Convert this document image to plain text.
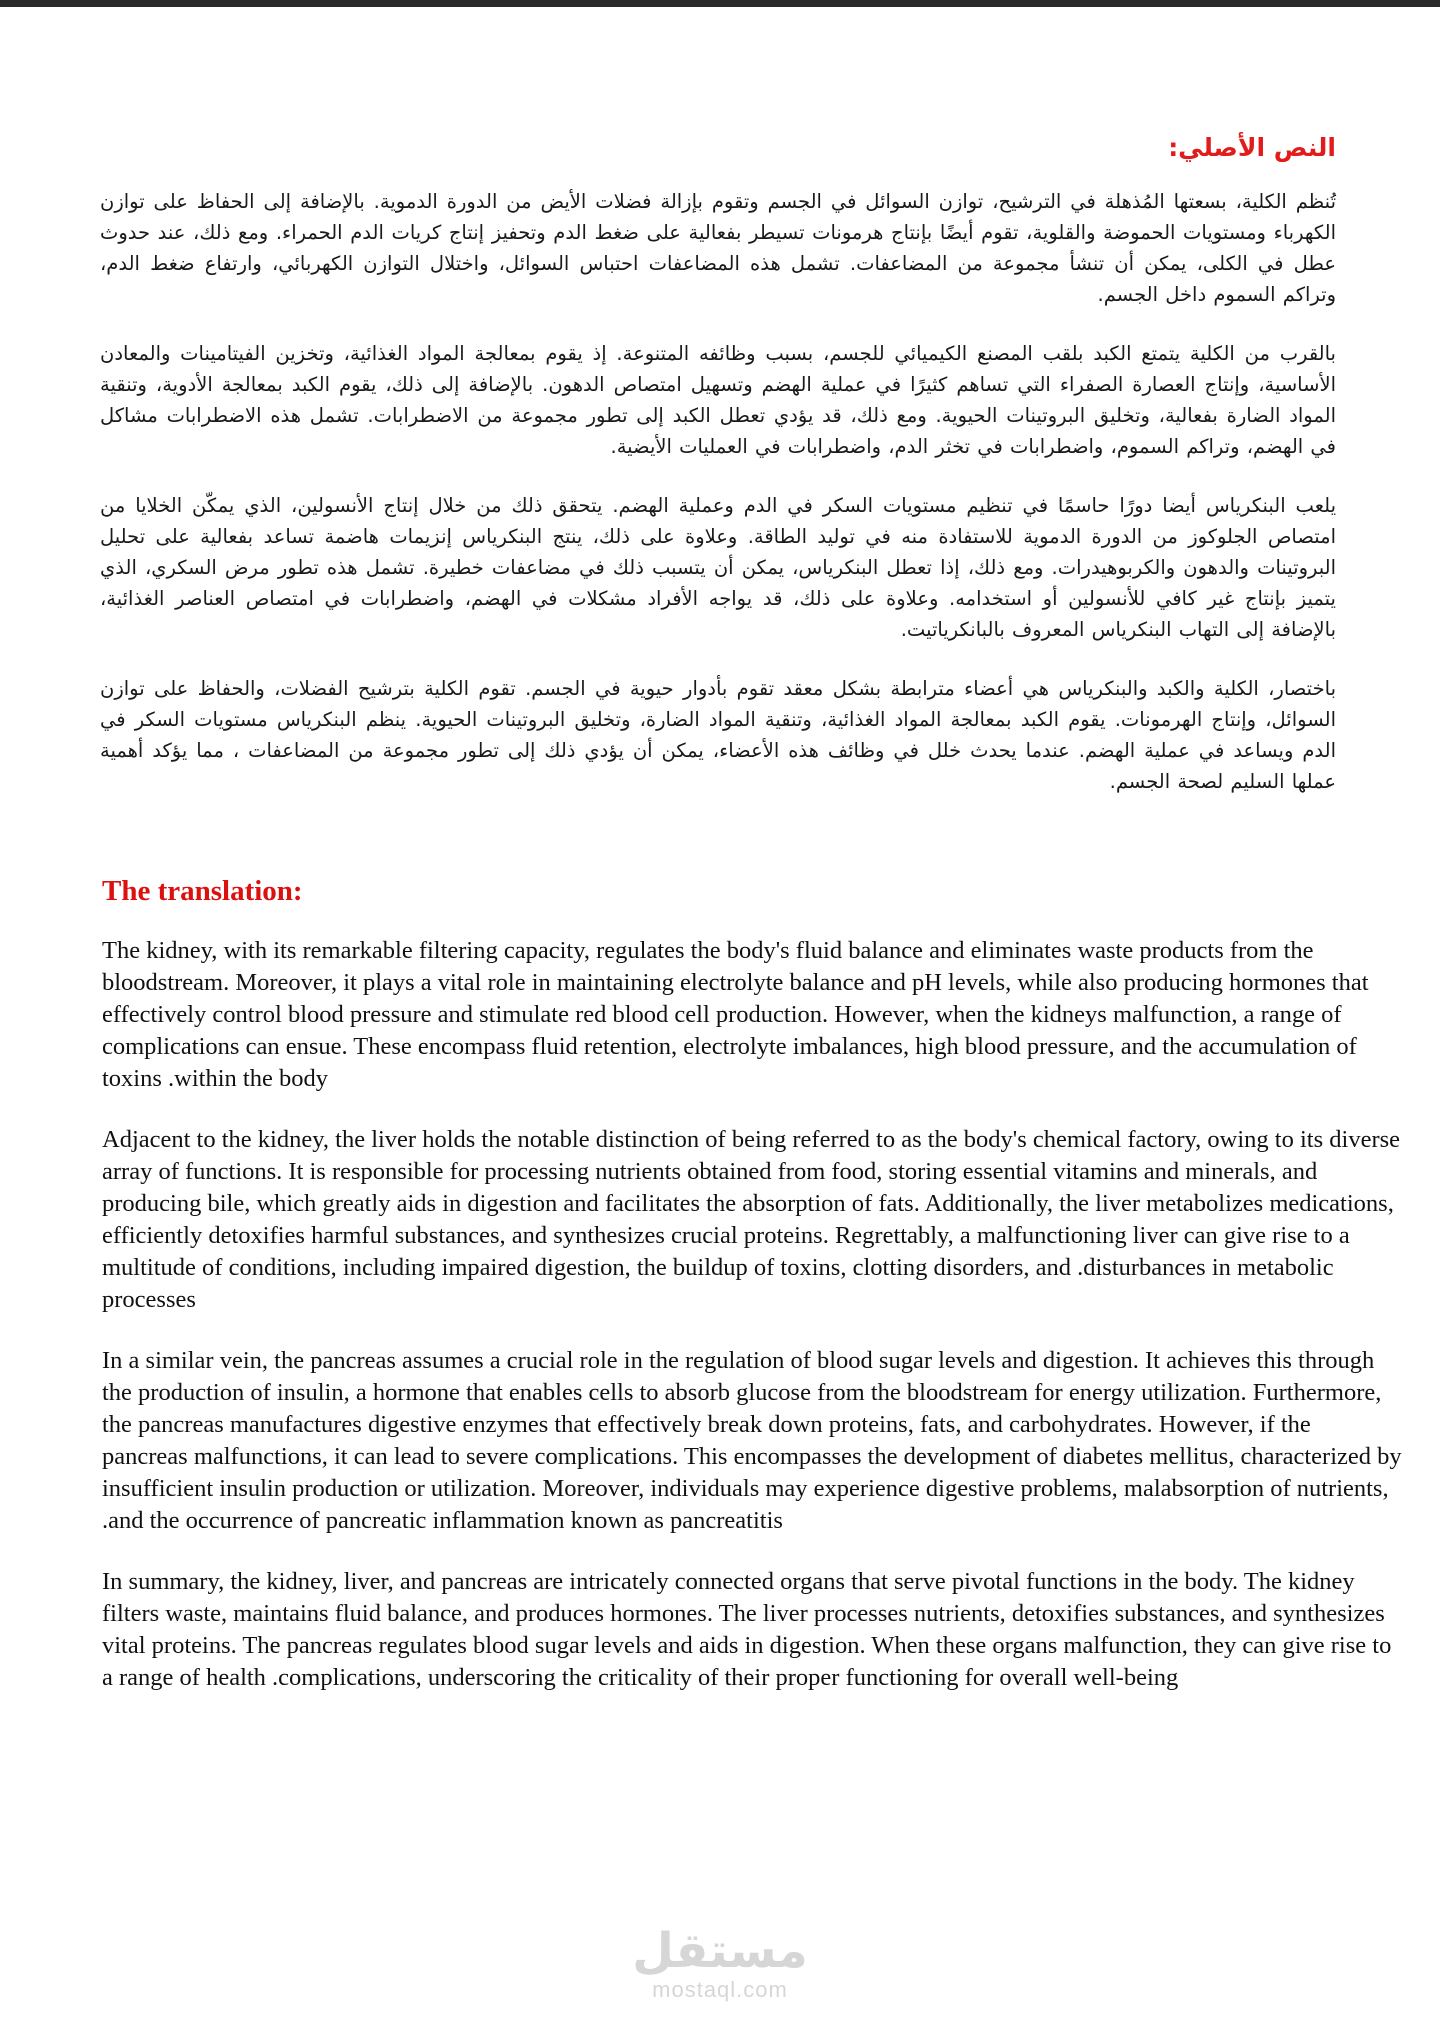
النص الأصلي:

تُنظم الكلية، بسعتها المُذهلة في الترشيح، توازن السوائل في الجسم وتقوم بإزالة فضلات الأيض من الدورة الدموية. بالإضافة إلى الحفاظ على توازن الكهرباء ومستويات الحموضة والقلوية، تقوم أيضًا بإنتاج هرمونات تسيطر بفعالية على ضغط الدم وتحفيز إنتاج كريات الدم الحمراء. ومع ذلك، عند حدوث عطل في الكلى، يمكن أن تنشأ مجموعة من المضاعفات. تشمل هذه المضاعفات احتباس السوائل، واختلال التوازن الكهربائي، وارتفاع ضغط الدم، وتراكم السموم داخل الجسم.

بالقرب من الكلية يتمتع الكبد بلقب المصنع الكيميائي للجسم، بسبب وظائفه المتنوعة. إذ يقوم بمعالجة المواد الغذائية، وتخزين الفيتامينات والمعادن الأساسية، وإنتاج العصارة الصفراء التي تساهم كثيرًا في عملية الهضم وتسهيل امتصاص الدهون. بالإضافة إلى ذلك، يقوم الكبد بمعالجة الأدوية، وتنقية المواد الضارة بفعالية، وتخليق البروتينات الحيوية. ومع ذلك، قد يؤدي تعطل الكبد إلى تطور مجموعة من الاضطرابات. تشمل هذه الاضطرابات مشاكل في الهضم، وتراكم السموم، واضطرابات في تخثر الدم، واضطرابات في العمليات الأيضية.

يلعب البنكرياس أيضا دورًا حاسمًا في تنظيم مستويات السكر في الدم وعملية الهضم. يتحقق ذلك من خلال إنتاج الأنسولين، الذي يمكّن الخلايا من امتصاص الجلوكوز من الدورة الدموية للاستفادة منه في توليد الطاقة. وعلاوة على ذلك، ينتج البنكرياس إنزيمات هاضمة تساعد بفعالية على تحليل البروتينات والدهون والكربوهيدرات. ومع ذلك، إذا تعطل البنكرياس، يمكن أن يتسبب ذلك في مضاعفات خطيرة. تشمل هذه تطور مرض السكري، الذي يتميز بإنتاج غير كافي للأنسولين أو استخدامه. وعلاوة على ذلك، قد يواجه الأفراد مشكلات في الهضم، واضطرابات في امتصاص العناصر الغذائية، بالإضافة إلى التهاب البنكرياس المعروف بالبانكرياتيت.

باختصار، الكلية والكبد والبنكرياس هي أعضاء مترابطة بشكل معقد تقوم بأدوار حيوية في الجسم. تقوم الكلية بترشيح الفضلات، والحفاظ على توازن السوائل، وإنتاج الهرمونات. يقوم الكبد بمعالجة المواد الغذائية، وتنقية المواد الضارة، وتخليق البروتينات الحيوية. ينظم البنكرياس مستويات السكر في الدم ويساعد في عملية الهضم. عندما يحدث خلل في وظائف هذه الأعضاء، يمكن أن يؤدي ذلك إلى تطور مجموعة من المضاعفات ، مما يؤكد أهمية عملها السليم لصحة الجسم.

The translation:

The kidney, with its remarkable filtering capacity, regulates the body's fluid balance and eliminates waste products from the bloodstream. Moreover, it plays a vital role in maintaining electrolyte balance and pH levels, while also producing hormones that effectively control blood pressure and stimulate red blood cell production. However, when the kidneys malfunction, a range of complications can ensue. These encompass fluid retention, electrolyte imbalances, high blood pressure, and the accumulation of toxins .within the body

Adjacent to the kidney, the liver holds the notable distinction of being referred to as the body's chemical factory, owing to its diverse array of functions. It is responsible for processing nutrients obtained from food, storing essential vitamins and minerals, and producing bile, which greatly aids in digestion and facilitates the absorption of fats. Additionally, the liver metabolizes medications, efficiently detoxifies harmful substances, and synthesizes crucial proteins. Regrettably, a malfunctioning liver can give rise to a multitude of conditions, including impaired digestion, the buildup of toxins, clotting disorders, and .disturbances in metabolic processes

In a similar vein, the pancreas assumes a crucial role in the regulation of blood sugar levels and digestion. It achieves this through the production of insulin, a hormone that enables cells to absorb glucose from the bloodstream for energy utilization. Furthermore, the pancreas manufactures digestive enzymes that effectively break down proteins, fats, and carbohydrates. However, if the pancreas malfunctions, it can lead to severe complications. This encompasses the development of diabetes mellitus, characterized by insufficient insulin production or utilization. Moreover, individuals may experience digestive problems, malabsorption of nutrients, .and the occurrence of pancreatic inflammation known as pancreatitis

In summary, the kidney, liver, and pancreas are intricately connected organs that serve pivotal functions in the body. The kidney filters waste, maintains fluid balance, and produces hormones. The liver processes nutrients, detoxifies substances, and synthesizes vital proteins. The pancreas regulates blood sugar levels and aids in digestion. When these organs malfunction, they can give rise to a range of health .complications, underscoring the criticality of their proper functioning for overall well-being

مستقل
mostaql.com
